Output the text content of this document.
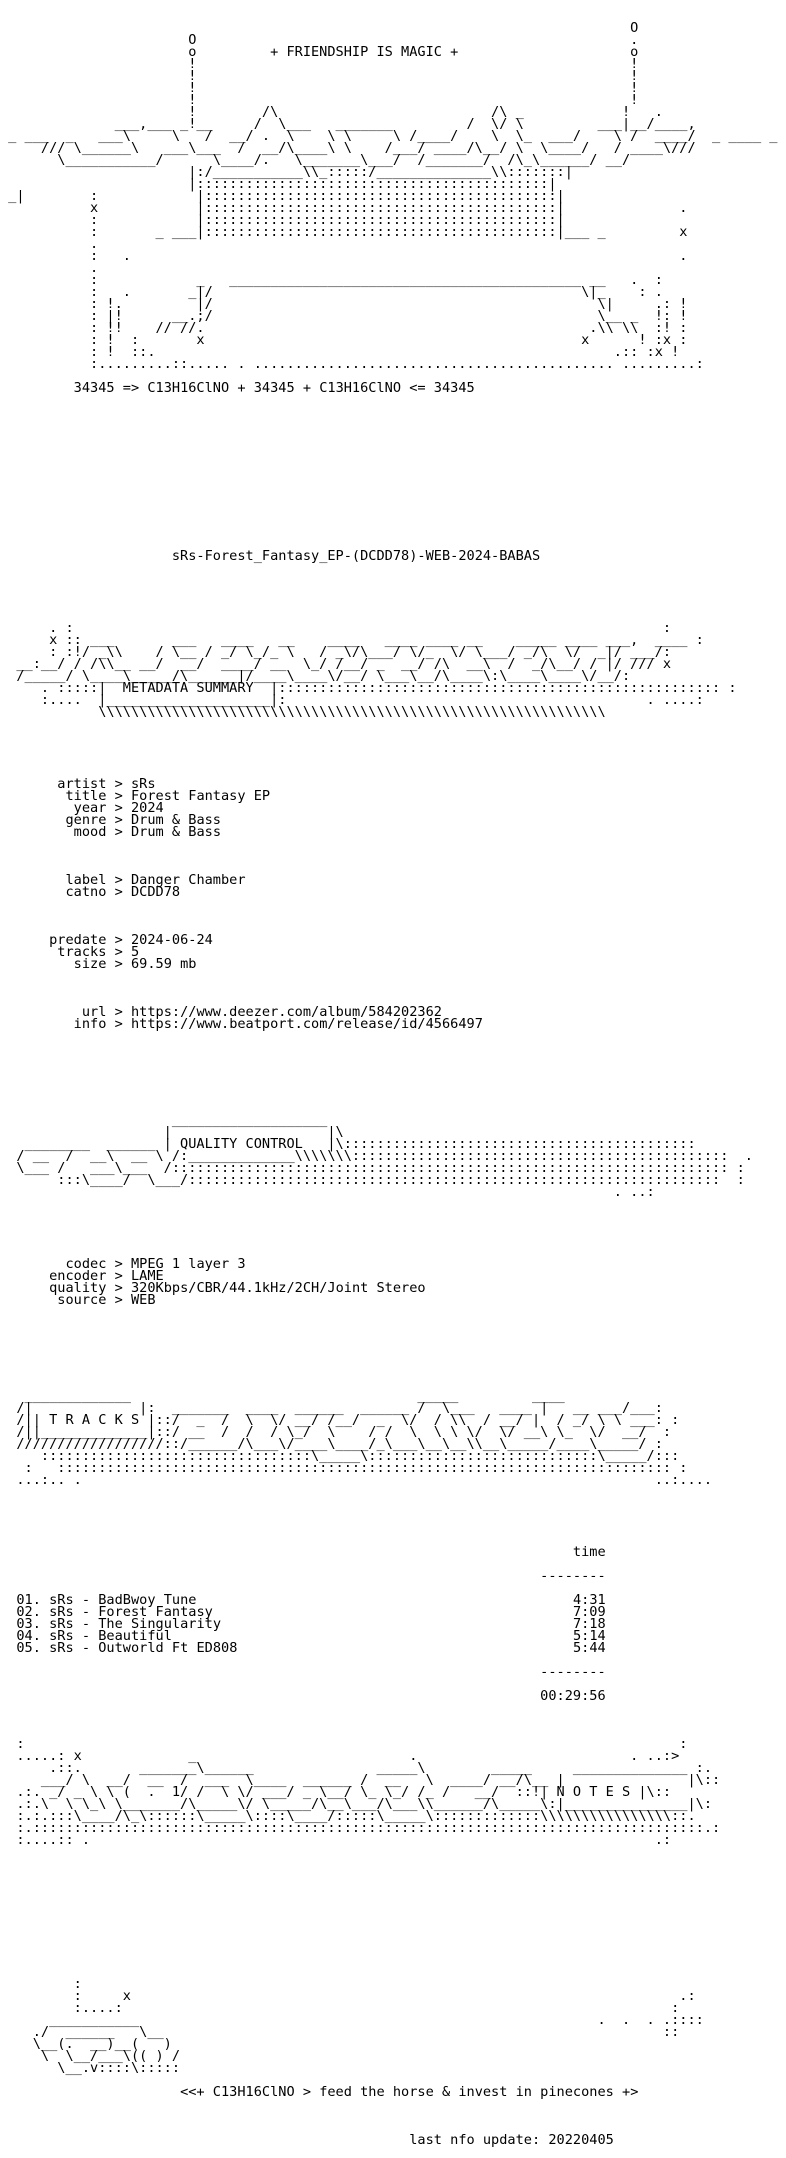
O
O                                                     .
o         + FRIENDSHIP IS MAGIC +                     o
!                                                     !
!                                                     !
!                                                     !
!                                                     !
!        /\                          /\ _            !   .
___,___ _!__     /  \___   _______         /  \/ \         ___|__/____,
_ ___  _   ___\     \   /  __/ .  \    \ \     \ /____/    \  \_  ___/    \ /  ____/  _ ____ _
/// \______\   ___\___  /  __/\____\ \    /___/ ____/\__/ \  \____/   / ____\///
\___________/      \____/.   \_______\___/  /_______/  /\_\______/ __/
|:/___________\\_:::::/______________\\:::::::|
|:::::::::::::::::::::::::::::::::::::::::::|
_|        :            |:::::::::::::::::::::::::::::::::::::::::::|
x            |:::::::::::::::::::::::::::::::::::::::::::|              .
:            |:::::::::::::::::::::::::::::::::::::::::::|
:       _ ___|:::::::::::::::::::::::::::::::::::::::::::|___ _         x
.
:   .                                                                   .
.
:            _   ___________________________________________ __   .  :
:   .       _|/                                             \|_    : .
: !.         |/                                               \|     .: !
: |!      __.;/                                               \__ _  !: !
: !!    // //.                                               .\\ \\  :! :
: !  :       x                                              x      ! :x :
: !  ::.                                                        .:: :x !
:.........::..... . ............................................ .........:

34345 => C13H16ClNO + 34345 + C13H16ClNO <= 34345

sRs-Forest_Fantasy_EP-(DCDD78)-WEB-2024-BABAS

. :                                                                        :
x :: ___       ___   ____   __    ____   ____ ____ __    _____ ____ ___,  ____ :
: :!/ _\\    / \__ / _/ \_/_ \   / _\/\___/ \/_  \/ \___/ _/\  \/  _|/ ___/:
__:__/ / /\\__ __/  __/  ____/ __  \_/ /__/ _  __/ /\  __\  /  _/\__/ / |/ /// x
/_____/ \____\_____/\______|/____\____\/__/ \___\__/\____\:\____\____\/__/:
. :::::|  METADATA SUMMARY  |:::::::::::::::::::::::::::::::::::::::::::::::::::::: :
:....  |____________________|:                                            . ....:
\\\\\\\\\\\\\\\\\\\\\\\\\\\\\\\\\\\\\\\\\\\\\\\\\\\\\\\\\\\\\\

artist > sRs
title > Forest Fantasy EP
year > 2024
genre > Drum & Bass
mood > Drum & Bass

label > Danger Chamber
catno > DCDD78

predate > 2024-06-24
tracks > 5
size > 69.59 mb

url > https://www.deezer.com/album/584202362
info > https://www.beatport.com/release/id/4566497

___________________
|                   |\
________  ______ | QUALITY CONTROL   |\:::::::::::::::::::::::::::::::::::::::::::
/ __  /  __\  __ \ /:_____________\\\\\\\::::::::::::::::::::::::::::::::::::::::::::::  .
\___ /   ___\___  /:::::::::::::::::::::::::::::::::::::::::::::::::::::::::::::::::::: :
:::\____/  \___/:::::::::::::::::::::::::::::::::::::::::::::::::::::::::::::::::  :
. ..:

codec > MPEG 1 layer 3
encoder > LAME
quality > 320Kbps/CBR/44.1kHz/2CH/Joint Stereo
source > WEB

_____________                                   _____         ____
/|             |:  _______  ____  ______  ______ /  \___   ____ |   __ ___/___:
/|| T R A C K S |::/  _  /  \  \/ __/ /__/  _  \/  / \\  / __/ |  / _/ \ \ ___: :
/||_____________|::/ __  /  /  / \_/  \    / /  \  \ \ \/  \/ __\ \_  \/  __/  :
//////////////////::/______/\___\/____\____/_\___\__\__\\__\_____/____\_____/ :
:::::::::::::::::::::::::::::::::\_____\::::::::::::::::::::::::::::\_____/:::
:   ::::::::::::::::::::::::::::::::::::::::::::::::::::::::::::::::::::::::::: :
...:.. .                                                                      ..:....

time

--------

01. sRs - BadBwoy Tune	4:31
02. sRs - Forest Fantasy	7:09
03. sRs - The Singularity	7:18
04. sRs - Beautiful	5:14
05. sRs - Outworld Ft ED808	5:44

--------

00:29:56

:                                                                                :
.....: x             _                          .                          . ..:>
.::.       _______\______               _____\        _____     ______________ :.
___/ \  __/  __  /  ___  \____  ______ /  __   \  ____/ __/\__ |               |\::
.:. _/ _ \ \ (  .  1/ /  \ \/ ___/ _ \__/ \_ \_/ /_ /   __/  ::!| N O T E S |\::
.:.\  \ \_\ \_______/\_____\/ \_____/\__\___/\___\\______/\_____\:|_______________|\:
:.:.:::\____/\_\::::::\_____\::::\____/:::::\_____\:::::::::::::\\\\\\\\\\\\\\\\::.
:.::::::::::::::::::::::::::::::::::::::::::::::::::::::::::::::::::::::::::::::::::.:
:....:: .                                                                     .:

:
:     x                                                                   .:
:....:                                                                   :
___________                                                        .  .  . .::::
./  ______   \__                                                             ::
\__(.  __)__(   )
\  \__/___\(( ) /
\__.v::::\:::::

<<+ C13H16ClNO > feed the horse & invest in pinecones +>

last nfo update: 20220405
